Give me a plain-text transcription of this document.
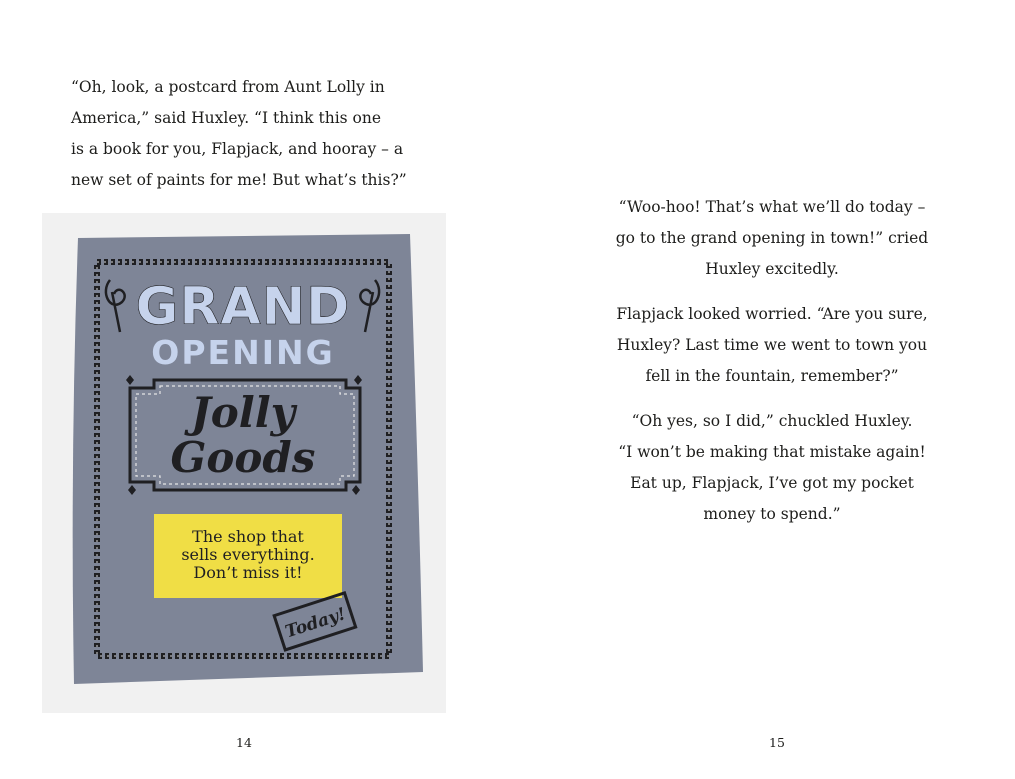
“Oh, look, a postcard from Aunt Lolly in
America,” said Huxley. “I think this one
is a book for you, Flapjack, and hooray – a
new set of paints for me! But what’s this?”
GRAND
OPENING
Jolly
Goods
The shop that
sells everything.
Don’t miss it!
Today!
14
“Woo-hoo! That’s what we’ll do today –
go to the grand opening in town!” cried
Huxley excitedly.
Flapjack looked worried. “Are you sure,
Huxley? Last time we went to town you
fell in the fountain, remember?”
“Oh yes, so I did,” chuckled Huxley.
“I won’t be making that mistake again!
Eat up, Flapjack, I’ve got my pocket
money to spend.”
15
